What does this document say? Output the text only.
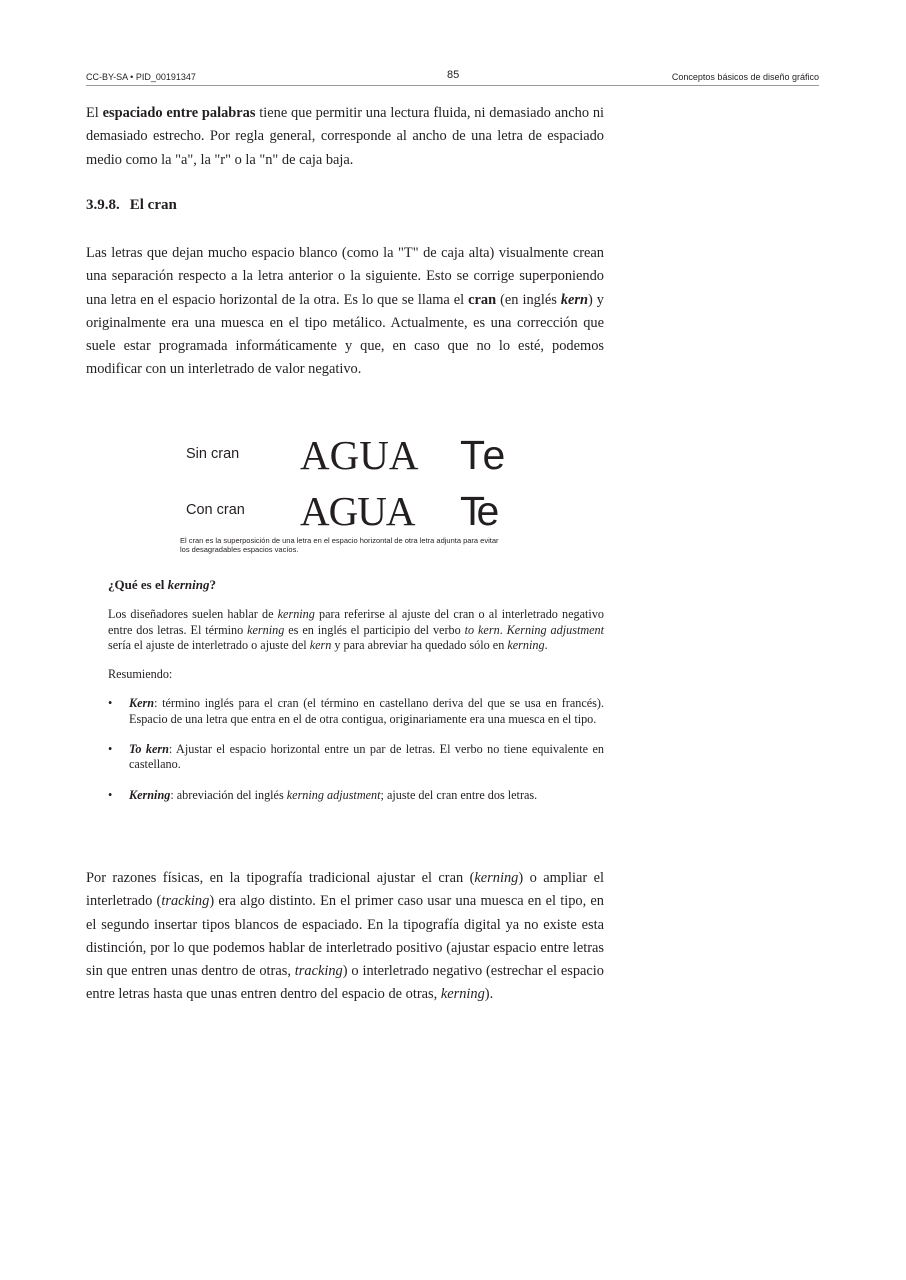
CC-BY-SA • PID_00191347	85	Conceptos básicos de diseño gráfico

El espaciado entre palabras tiene que permitir una lectura fluida, ni demasiado ancho ni demasiado estrecho. Por regla general, corresponde al ancho de una letra de espaciado medio como la "a", la "r" o la "n" de caja baja.

3.9.8. El cran

Las letras que dejan mucho espacio blanco (como la "T" de caja alta) visualmente crean una separación respecto a la letra anterior o la siguiente. Esto se corrige superponiendo una letra en el espacio horizontal de la otra. Es lo que se llama el cran (en inglés kern) y originalmente era una muesca en el tipo metálico. Actualmente, es una corrección que suele estar programada informáticamente y que, en caso que no lo esté, podemos modificar con un interletrado de valor negativo.

Sin cran AGUA Te
Con cran AGUA Te
El cran es la superposición de una letra en el espacio horizontal de otra letra adjunta para evitar los desagradables espacios vacíos.
¿Qué es el kerning?

Los diseñadores suelen hablar de kerning para referirse al ajuste del cran o al interletrado negativo entre dos letras. El término kerning es en inglés el participio del verbo to kern. Kerning adjustment sería el ajuste de interletrado o ajuste del kern y para abreviar ha quedado sólo en kerning.

Resumiendo:

• Kern: término inglés para el cran (el término en castellano deriva del que se usa en francés). Espacio de una letra que entra en el de otra contigua, originariamente era una muesca en el tipo.
• To kern: Ajustar el espacio horizontal entre un par de letras. El verbo no tiene equivalente en castellano.
• Kerning: abreviación del inglés kerning adjustment; ajuste del cran entre dos letras.

Por razones físicas, en la tipografía tradicional ajustar el cran (kerning) o ampliar el interletrado (tracking) era algo distinto. En el primer caso usar una muesca en el tipo, en el segundo insertar tipos blancos de espaciado. En la tipografía digital ya no existe esta distinción, por lo que podemos hablar de interletrado positivo (ajustar espacio entre letras sin que entren unas dentro de otras, tracking) o interletrado negativo (estrechar el espacio entre letras hasta que unas entren dentro del espacio de otras, kerning).
